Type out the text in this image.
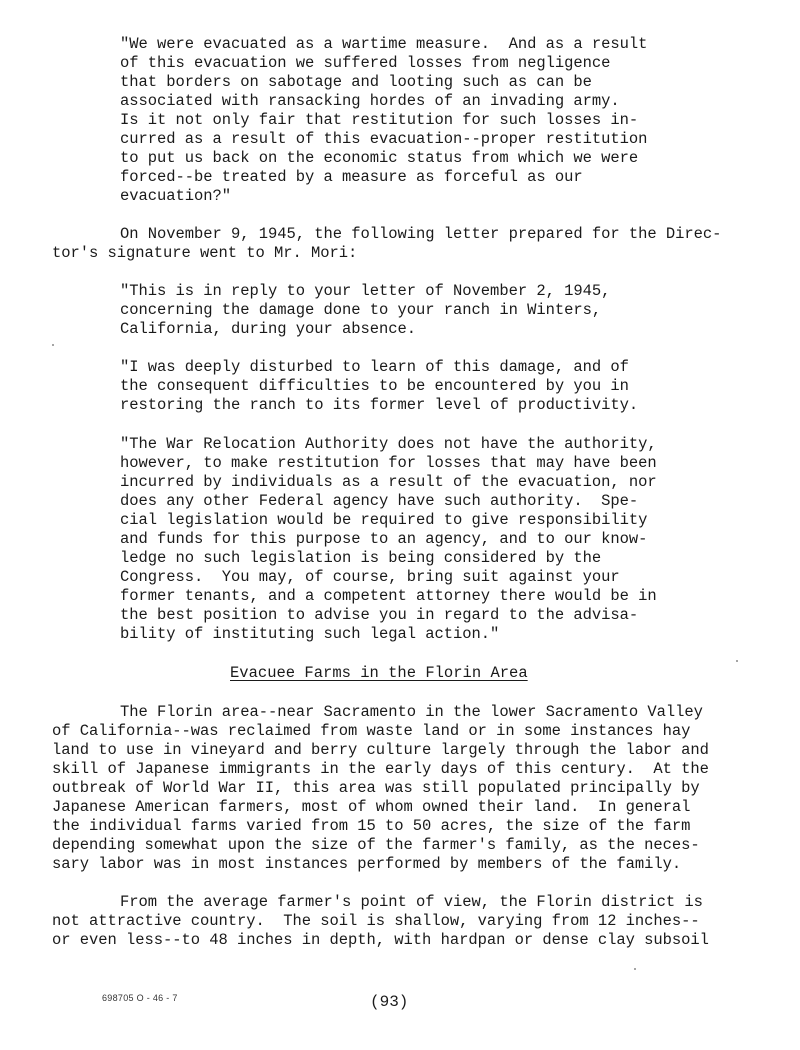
"We were evacuated as a wartime measure.  And as a result

of this evacuation we suffered losses from negligence

that borders on sabotage and looting such as can be

associated with ransacking hordes of an invading army.

Is it not only fair that restitution for such losses in-

curred as a result of this evacuation--proper restitution

to put us back on the economic status from which we were

forced--be treated by a measure as forceful as our

evacuation?"

On November 9, 1945, the following letter prepared for the Direc-

tor's signature went to Mr. Mori:

"This is in reply to your letter of November 2, 1945,

concerning the damage done to your ranch in Winters,

California, during your absence.

"I was deeply disturbed to learn of this damage, and of

the consequent difficulties to be encountered by you in

restoring the ranch to its former level of productivity.

"The War Relocation Authority does not have the authority,

however, to make restitution for losses that may have been

incurred by individuals as a result of the evacuation, nor

does any other Federal agency have such authority.  Spe-

cial legislation would be required to give responsibility

and funds for this purpose to an agency, and to our know-

ledge no such legislation is being considered by the

Congress.  You may, of course, bring suit against your

former tenants, and a competent attorney there would be in

the best position to advise you in regard to the advisa-

bility of instituting such legal action."

Evacuee Farms in the Florin Area

The Florin area--near Sacramento in the lower Sacramento Valley

of California--was reclaimed from waste land or in some instances hay

land to use in vineyard and berry culture largely through the labor and

skill of Japanese immigrants in the early days of this century.  At the

outbreak of World War II, this area was still populated principally by

Japanese American farmers, most of whom owned their land.  In general

the individual farms varied from 15 to 50 acres, the size of the farm

depending somewhat upon the size of the farmer's family, as the neces-

sary labor was in most instances performed by members of the family.

From the average farmer's point of view, the Florin district is

not attractive country.  The soil is shallow, varying from 12 inches--

or even less--to 48 inches in depth, with hardpan or dense clay subsoil

698705 O - 46 - 7	(93)
